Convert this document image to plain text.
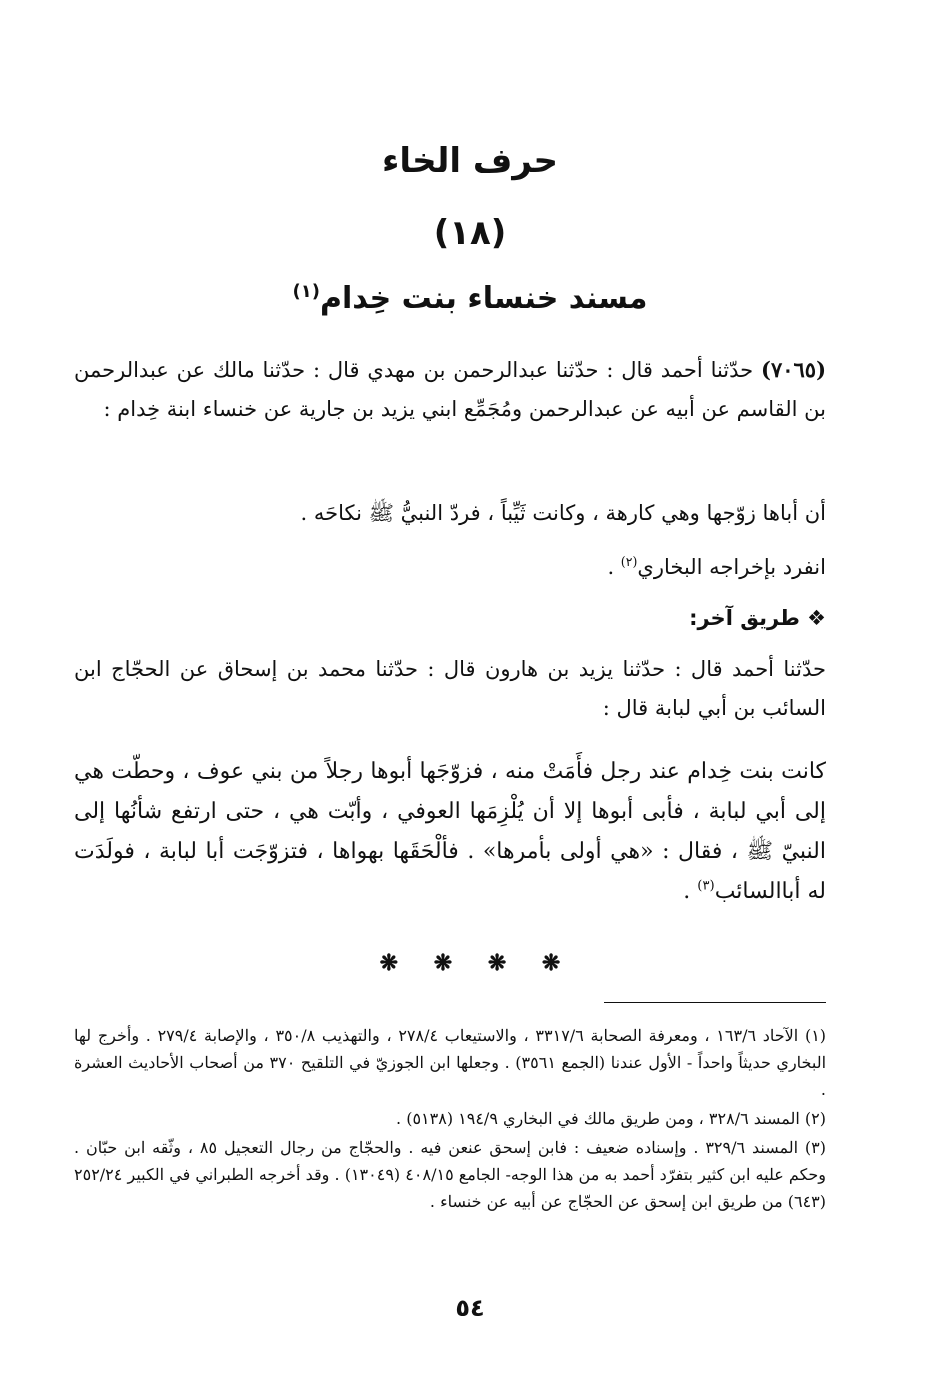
حرف الخاء
(١٨)
مسند خنساء بنت خِدام$^{(١)}$

(٧٠٦٥) حدّثنا أحمد قال : حدّثنا عبدالرحمن بن مهدي قال : حدّثنا مالك عن عبدالرحمن بن القاسم عن أبيه عن عبدالرحمن ومُجَمِّع ابني يزيد بن جارية عن خنساء ابنة خِدام :

أن أباها زوّجها وهي كارهة ، وكانت ثَيِّباً ، فردّ النبيُّ ﷺ نكاحَه .
انفرد بإخراجه البخاري$^{(٢)}$ .
❖ طريق آخر:
حدّثنا أحمد قال : حدّثنا يزيد بن هارون قال : حدّثنا محمد بن إسحاق عن الحجّاج ابن السائب بن أبي لبابة قال :
كانت بنت خِدام عند رجل فأَمَتْ منه ، فزوّجَها أبوها رجلاً من بني عوف ، وحطّت هي إلى أبي لبابة ، فأبى أبوها إلا أن يُلْزِمَها العوفي ، وأبّت هي ، حتى ارتفع شأنُها إلى النبيّ ﷺ ، فقال : «هي أولى بأمرها» . فألْحَقَها بهواها ، فتزوّجَت أبا لبابة ، فولَدَت له أباالسائب$^{(٣)}$ .
❋ ❋ ❋ ❋

(١) الآحاد ١٦٣/٦ ، ومعرفة الصحابة ٣٣١٧/٦ ، والاستيعاب ٢٧٨/٤ ، والتهذيب ٣٥٠/٨ ، والإصابة ٢٧٩/٤ . وأخرج لها البخاري حديثاً واحداً - الأول عندنا (الجمع ٣٥٦١) . وجعلها ابن الجوزيّ في التلقيح ٣٧٠ من أصحاب الأحاديث العشرة .

(٢) المسند ٣٢٨/٦ ، ومن طريق مالك في البخاري ١٩٤/٩ (٥١٣٨) .

(٣) المسند ٣٢٩/٦ . وإسناده ضعيف : فابن إسحق عنعن فيه . والحجّاج من رجال التعجيل ٨٥ ، وثّقه ابن حبّان . وحكم عليه ابن كثير بتفرّد أحمد به من هذا الوجه- الجامع ٤٠٨/١٥ (١٣٠٤٩) . وقد أخرجه الطبراني في الكبير ٢٥٢/٢٤ (٦٤٣) من طريق ابن إسحق عن الحجّاج عن أبيه عن خنساء .

٥٤
